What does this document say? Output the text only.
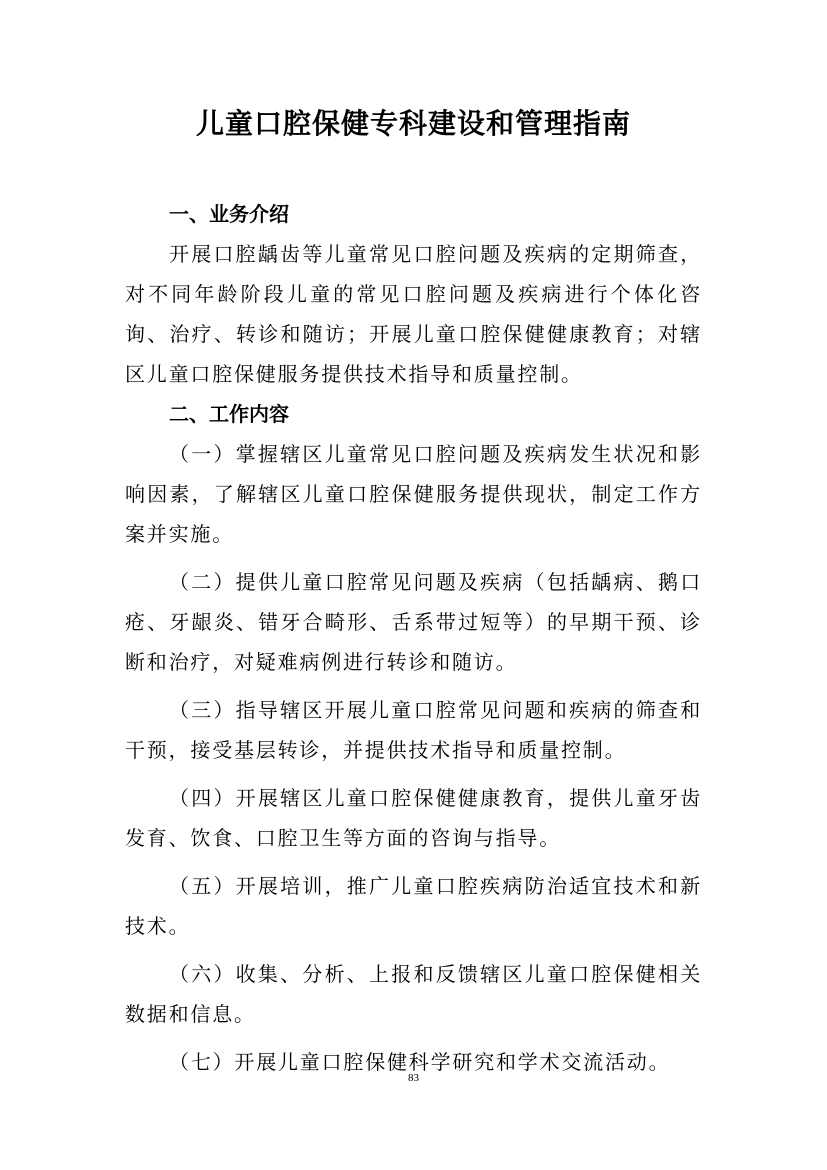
儿童口腔保健专科建设和管理指南
一、业务介绍

开展口腔龋齿等儿童常见口腔问题及疾病的定期筛查，对不同年龄阶段儿童的常见口腔问题及疾病进行个体化咨询、治疗、转诊和随访；开展儿童口腔保健健康教育；对辖区儿童口腔保健服务提供技术指导和质量控制。

二、工作内容

（一）掌握辖区儿童常见口腔问题及疾病发生状况和影响因素，了解辖区儿童口腔保健服务提供现状，制定工作方案并实施。

（二）提供儿童口腔常见问题及疾病（包括龋病、鹅口疮、牙龈炎、错牙合畸形、舌系带过短等）的早期干预、诊断和治疗，对疑难病例进行转诊和随访。

（三）指导辖区开展儿童口腔常见问题和疾病的筛查和干预，接受基层转诊，并提供技术指导和质量控制。

（四）开展辖区儿童口腔保健健康教育，提供儿童牙齿发育、饮食、口腔卫生等方面的咨询与指导。

（五）开展培训，推广儿童口腔疾病防治适宜技术和新技术。

（六）收集、分析、上报和反馈辖区儿童口腔保健相关数据和信息。

（七）开展儿童口腔保健科学研究和学术交流活动。

83
